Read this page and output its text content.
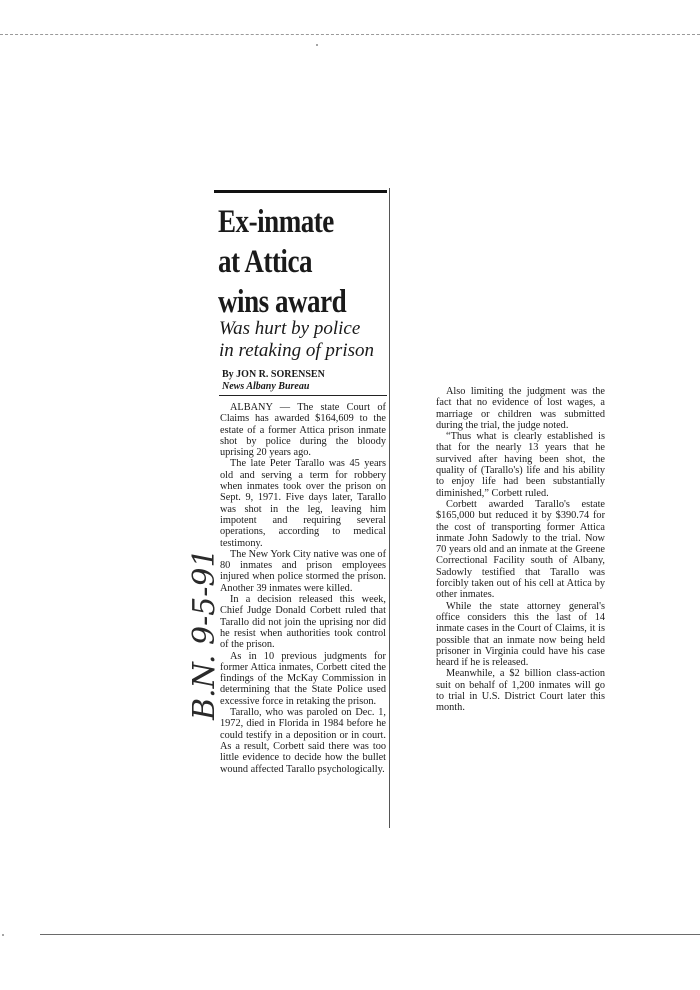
Ex-inmate
at Attica
wins award
Was hurt by police
in retaking of prison
By JON R. SORENSEN
News Albany Bureau

ALBANY — The state Court of Claims has awarded $164,609 to the estate of a former Attica prison inmate shot by police during the bloody uprising 20 years ago.

The late Peter Tarallo was 45 years old and serving a term for robbery when inmates took over the prison on Sept. 9, 1971. Five days later, Tarallo was shot in the leg, leaving him impotent and requiring several operations, according to medical testimony.

The New York City native was one of 80 inmates and prison employees injured when police stormed the prison. Another 39 inmates were killed.

In a decision released this week, Chief Judge Donald Corbett ruled that Tarallo did not join the uprising nor did he resist when authorities took control of the prison.

As in 10 previous judgments for former Attica inmates, Corbett cited the findings of the McKay Commission in determining that the State Police used excessive force in retaking the prison.

Tarallo, who was paroled on Dec. 1, 1972, died in Florida in 1984 before he could testify in a deposition or in court. As a result, Corbett said there was too little evidence to decide how the bullet wound affected Tarallo psychologically.

Also limiting the judgment was the fact that no evidence of lost wages, a marriage or children was submitted during the trial, the judge noted.

“Thus what is clearly established is that for the nearly 13 years that he survived after having been shot, the quality of (Tarallo's) life and his ability to enjoy life had been substantially diminished,” Corbett ruled.

Corbett awarded Tarallo's estate $165,000 but reduced it by $390.74 for the cost of transporting former Attica inmate John Sadowly to the trial. Now 70 years old and an inmate at the Greene Correctional Facility south of Albany, Sadowly testified that Tarallo was forcibly taken out of his cell at Attica by other inmates.

While the state attorney general's office considers this the last of 14 inmate cases in the Court of Claims, it is possible that an inmate now being held prisoner in Virginia could have his case heard if he is released.

Meanwhile, a $2 billion class-action suit on behalf of 1,200 inmates will go to trial in U.S. District Court later this month.

B.N. 9-5-91
